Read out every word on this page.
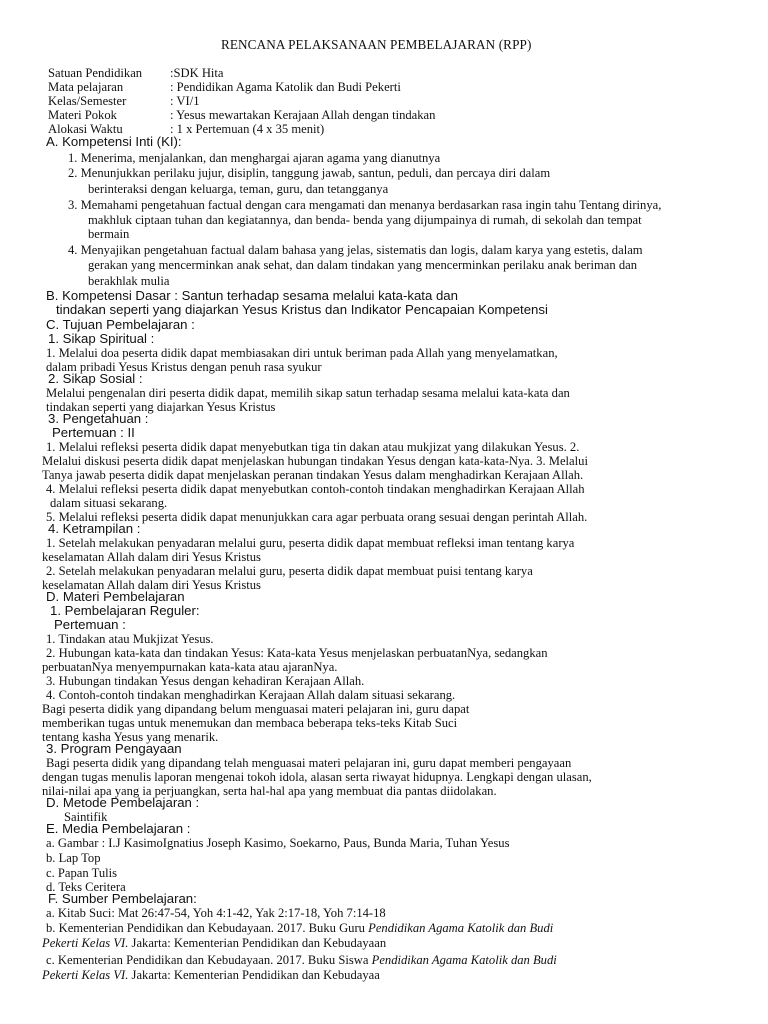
RENCANA PELAKSANAAN PEMBELAJARAN (RPP)
Satuan Pendidikan :SDK Hita
Mata pelajaran	: Pendidikan Agama Katolik dan Budi Pekerti
Kelas/Semester	: VI/1
Materi Pokok	: Yesus mewartakan Kerajaan Allah dengan tindakan
Alokasi Waktu	: 1 x Pertemuan (4 x 35 menit)
A. Kompetensi Inti (KI):
1. Menerima, menjalankan, dan menghargai ajaran agama yang dianutnya
2. Menunjukkan perilaku jujur, disiplin, tanggung jawab, santun, peduli, dan percaya diri dalam
berinteraksi dengan keluarga, teman, guru, dan tetangganya
3. Memahami pengetahuan factual dengan cara mengamati dan menanya berdasarkan rasa ingin tahu Tentang dirinya,
makhluk ciptaan tuhan dan kegiatannya, dan benda- benda yang dijumpainya di rumah, di sekolah dan tempat
bermain
4. Menyajikan pengetahuan factual dalam bahasa yang jelas, sistematis dan logis, dalam karya yang estetis, dalam
gerakan yang mencerminkan anak sehat, dan dalam tindakan yang mencerminkan perilaku anak beriman dan
berakhlak mulia
B. Kompetensi Dasar : Santun terhadap sesama melalui kata-kata dan
tindakan seperti yang diajarkan Yesus Kristus dan Indikator Pencapaian Kompetensi
C. Tujuan Pembelajaran :
1. Sikap Spiritual :
1. Melalui doa peserta didik dapat membiasakan diri untuk beriman pada Allah yang menyelamatkan,
dalam pribadi Yesus Kristus dengan penuh rasa syukur
2. Sikap Sosial :
Melalui pengenalan diri peserta didik dapat, memilih sikap satun terhadap sesama melalui kata-kata dan
tindakan seperti yang diajarkan Yesus Kristus
3. Pengetahuan :
Pertemuan : II
1. Melalui refleksi peserta didik dapat menyebutkan tiga tin dakan atau mukjizat yang dilakukan Yesus. 2.
Melalui diskusi peserta didik dapat menjelaskan hubungan tindakan Yesus dengan kata-kata-Nya. 3. Melalui
Tanya jawab peserta didik dapat menjelaskan peranan tindakan Yesus dalam menghadirkan Kerajaan Allah.
4. Melalui refleksi peserta didik dapat menyebutkan contoh-contoh tindakan menghadirkan Kerajaan Allah
dalam situasi sekarang.
5. Melalui refleksi peserta didik dapat menunjukkan cara agar perbuata orang sesuai dengan perintah Allah.
4. Ketrampilan :
1. Setelah melakukan penyadaran melalui guru, peserta didik dapat membuat refleksi iman tentang karya
keselamatan Allah dalam diri Yesus Kristus
2. Setelah melakukan penyadaran melalui guru, peserta didik dapat membuat puisi tentang karya
keselamatan Allah dalam diri Yesus Kristus
D. Materi Pembelajaran
1. Pembelajaran Reguler:
Pertemuan :
1. Tindakan atau Mukjizat Yesus.
2. Hubungan kata-kata dan tindakan Yesus: Kata-kata Yesus menjelaskan perbuatanNya, sedangkan
perbuatanNya menyempurnakan kata-kata atau ajaranNya.
3. Hubungan tindakan Yesus dengan kehadiran Kerajaan Allah.
4. Contoh-contoh tindakan menghadirkan Kerajaan Allah dalam situasi sekarang.
Bagi peserta didik yang dipandang belum menguasai materi pelajaran ini, guru dapat
memberikan tugas untuk menemukan dan membaca beberapa teks-teks Kitab Suci
tentang kasha Yesus yang menarik.
3. Program Pengayaan
Bagi peserta didik yang dipandang telah menguasai materi pelajaran ini, guru dapat memberi pengayaan
dengan tugas menulis laporan mengenai tokoh idola, alasan serta riwayat hidupnya. Lengkapi dengan ulasan,
nilai-nilai apa yang ia perjuangkan, serta hal-hal apa yang membuat dia pantas diidolakan.
D. Metode Pembelajaran :
Saintifik
E. Media Pembelajaran :
a. Gambar : I.J KasimoIgnatius Joseph Kasimo, Soekarno, Paus, Bunda Maria, Tuhan Yesus
b. Lap Top
c. Papan Tulis
d. Teks Ceritera
F. Sumber Pembelajaran:
a. Kitab Suci: Mat 26:47-54, Yoh 4:1-42, Yak 2:17-18, Yoh 7:14-18
b. Kementerian Pendidikan dan Kebudayaan. 2017. Buku Guru Pendidikan Agama Katolik dan Budi
Pekerti Kelas VI. Jakarta: Kementerian Pendidikan dan Kebudayaan
c. Kementerian Pendidikan dan Kebudayaan. 2017. Buku Siswa Pendidikan Agama Katolik dan Budi
Pekerti Kelas VI. Jakarta: Kementerian Pendidikan dan Kebudayaa
